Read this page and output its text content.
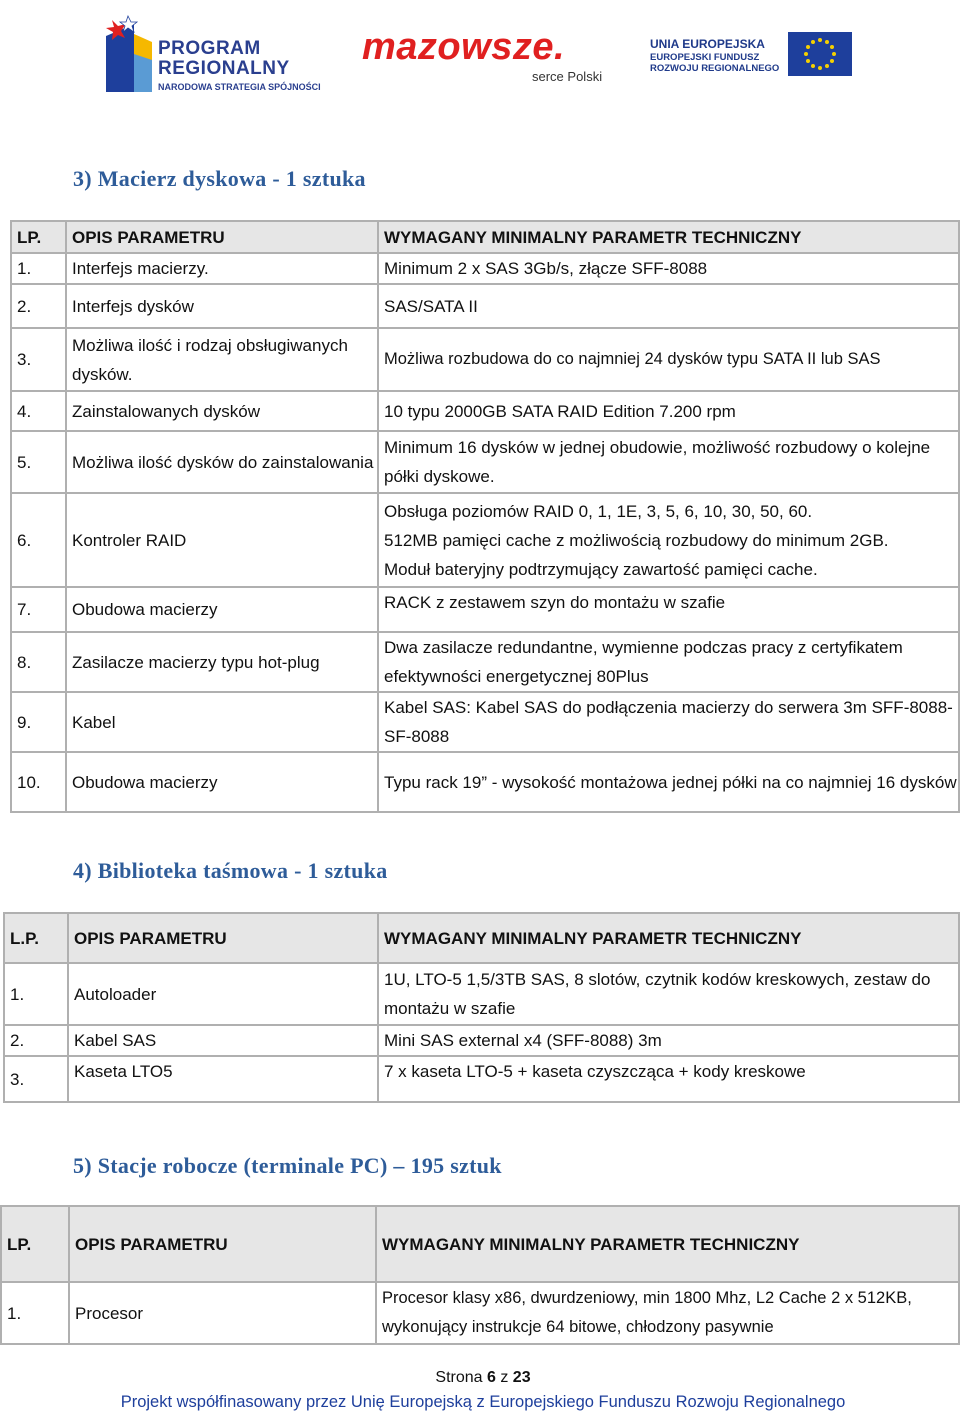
PROGRAM
REGIONALNY
NARODOWA STRATEGIA SPÓJNOŚCI
mazowsze.
serce Polski
UNIA EUROPEJSKA
EUROPEJSKI FUNDUSZ
ROZWOJU REGIONALNEGO
3) Macierz dyskowa - 1 sztuka
LP.	OPIS PARAMETRU	WYMAGANY MINIMALNY PARAMETR TECHNICZNY
1.	Interfejs macierzy.	Minimum 2 x SAS 3Gb/s, złącze SFF-8088
2.	Interfejs dysków	SAS/SATA II
3.	Możliwa ilość i rodzaj obsługiwanych dysków.	Możliwa rozbudowa do co najmniej 24 dysków typu SATA II lub SAS
4.	Zainstalowanych dysków	10 typu 2000GB SATA RAID Edition 7.200 rpm
5.	Możliwa ilość dysków do zainstalowania	Minimum 16 dysków w jednej obudowie, możliwość rozbudowy o kolejne półki dyskowe.
6.	Kontroler RAID	Obsługa poziomów RAID 0, 1, 1E, 3, 5, 6, 10, 30, 50, 60.
512MB pamięci cache z możliwością rozbudowy do minimum 2GB.
Moduł bateryjny podtrzymujący zawartość pamięci cache.

7.	Obudowa macierzy	RACK z zestawem szyn do montażu w szafie
8.	Zasilacze macierzy typu hot-plug	Dwa zasilacze redundantne, wymienne podczas pracy z certyfikatem efektywności energetycznej 80Plus
9.	Kabel	Kabel SAS: Kabel SAS do podłączenia macierzy do serwera 3m SFF-8088-SF-8088
10.	Obudowa macierzy	Typu rack 19” - wysokość montażowa jednej półki na co najmniej 16 dysków
4) Biblioteka taśmowa - 1 sztuka
L.P.	OPIS PARAMETRU	WYMAGANY MINIMALNY PARAMETR TECHNICZNY
1.	Autoloader	1U, LTO-5 1,5/3TB SAS, 8 slotów, czytnik kodów kreskowych, zestaw do montażu w szafie
2.	Kabel SAS	Mini SAS external x4 (SFF-8088) 3m
3.	Kaseta LTO5	7 x kaseta LTO-5 + kaseta czyszcząca + kody kreskowe
5) Stacje robocze (terminale PC) – 195 sztuk
LP.	OPIS PARAMETRU	WYMAGANY MINIMALNY PARAMETR TECHNICZNY
1.	Procesor	Procesor klasy x86, dwurdzeniowy, min 1800 Mhz, L2 Cache 2 x 512KB, wykonujący instrukcje 64 bitowe, chłodzony pasywnie
Strona 6 z 23
Projekt współfinasowany przez Unię Europejską z Europejskiego Funduszu Rozwoju Regionalnego
